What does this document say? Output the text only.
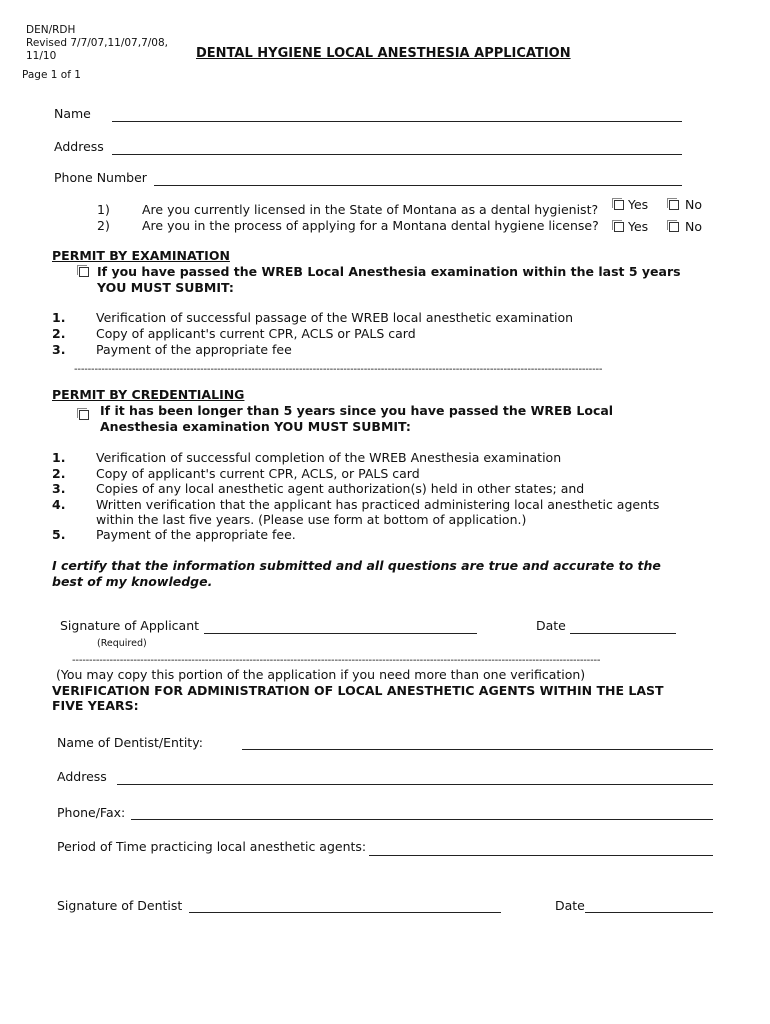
DEN/RDH
Revised 7/7/07,11/07,7/08,
11/10
Page 1 of 1
DENTAL HYGIENE LOCAL ANESTHESIA APPLICATION
Name
Address
Phone Number
1)	Are you currently licensed in the State of Montana as a dental hygienist? Yes	No
2)	Are you in the process of applying for a Montana dental hygiene license? Yes	No
PERMIT BY EXAMINATION
If you have passed the WREB Local Anesthesia examination within the last 5 years
YOU MUST SUBMIT:
1. Verification of successful passage of the WREB local anesthetic examination
2. Copy of applicant's current CPR, ACLS or PALS card
3. Payment of the appropriate fee
-----------------------------------------------------------------------------------------------------------------------------------------------------------
PERMIT BY CREDENTIALING
If it has been longer than 5 years since you have passed the WREB Local
Anesthesia examination YOU MUST SUBMIT:
1. Verification of successful completion of the WREB Anesthesia examination
2. Copy of applicant's current CPR, ACLS, or PALS card
3. Copies of any local anesthetic agent authorization(s) held in other states; and
4. Written verification that the applicant has practiced administering local anesthetic agents
within the last five years. (Please use form at bottom of application.)
5. Payment of the appropriate fee.
I certify that the information submitted and all questions are true and accurate to the
best of my knowledge.
Signature of Applicant	Date
(Required)
-----------------------------------------------------------------------------------------------------------------------------------------------------------
(You may copy this portion of the application if you need more than one verification)
VERIFICATION FOR ADMINISTRATION OF LOCAL ANESTHETIC AGENTS WITHIN THE LAST
FIVE YEARS:
Name of Dentist/Entity:
Address
Phone/Fax:
Period of Time practicing local anesthetic agents:
Signature of Dentist	Date
